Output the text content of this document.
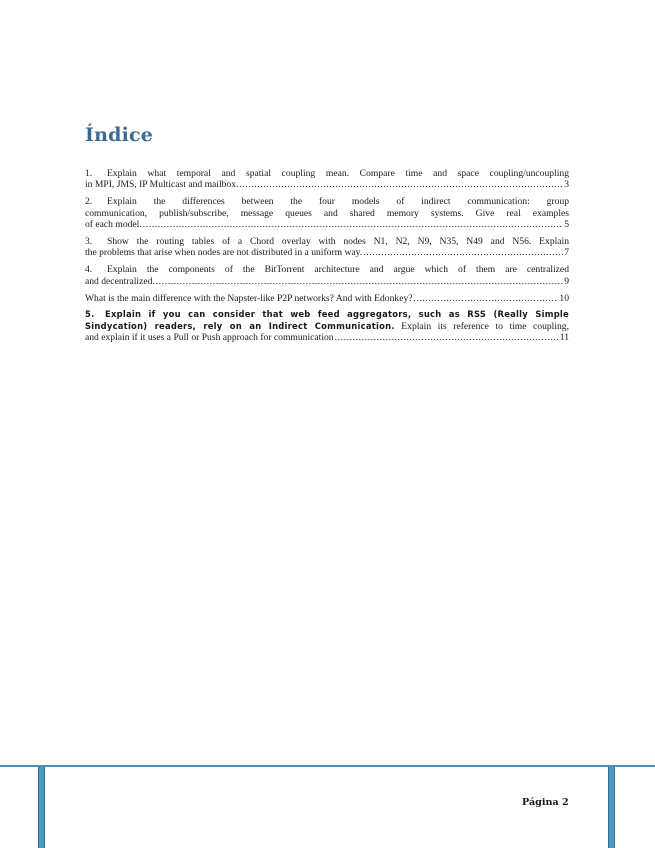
Índice
1. Explain what temporal and spatial coupling mean. Compare time and space coupling/uncoupling
in MPI, JMS, IP Multicast and mailbox. .....	3
2. Explain the differences between the four models of indirect communication: group
communication, publish/subscribe, message queues and shared memory systems. Give real examples
of each model. .....	5
3. Show the routing tables of a Chord overlay with nodes N1, N2, N9, N35, N49 and N56. Explain
the problems that arise when nodes are not distributed in a uniform way. .....	7
4. Explain the components of the BitTorrent architecture and argue which of them are centralized
and decentralized. .....	9
What is the main difference with the Napster-like P2P networks? And with Edonkey? .....	10
5. Explain if you can consider that web feed aggregators, such as RSS (Really Simple
Sindycation) readers, rely on an Indirect Communication. Explain its reference to time coupling,
and explain if it uses a Pull or Push approach for communication .....	11
Página 2
